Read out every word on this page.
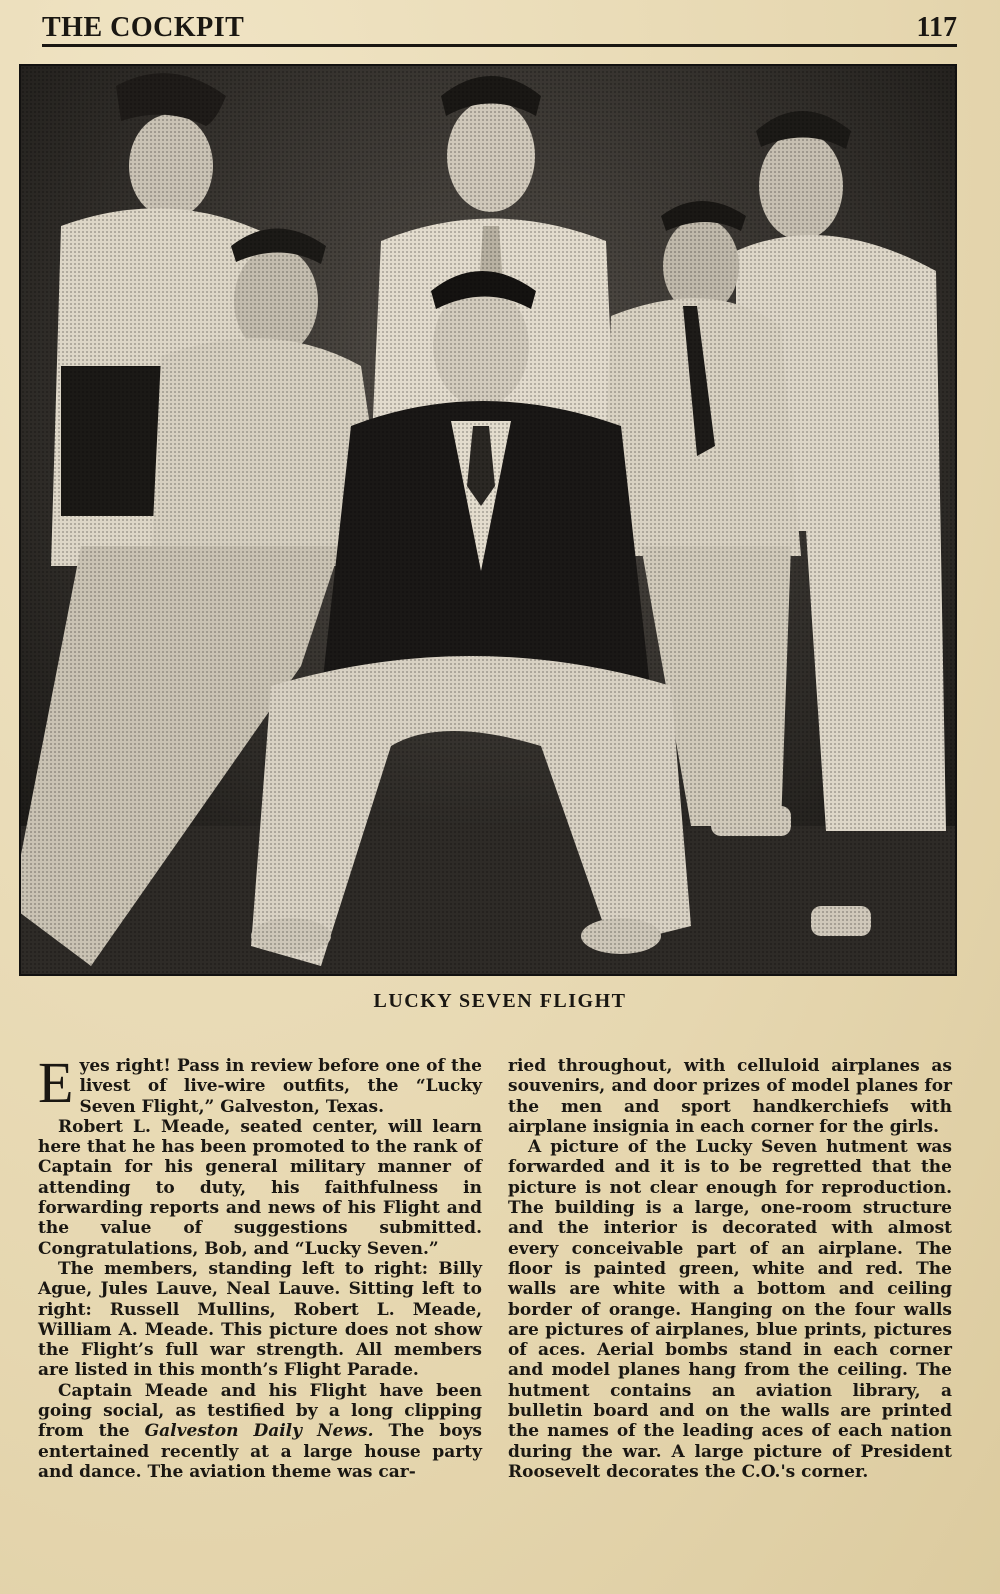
THE COCKPIT	117
LUCKY SEVEN FLIGHT

Eyes right! Pass in review before one of the livest of live-wire outfits, the “Lucky Seven Flight,” Galveston, Texas.

Robert L. Meade, seated center, will learn here that he has been promoted to the rank of Captain for his general military manner of attending to duty, his faithfulness in forwarding reports and news of his Flight and the value of suggestions submitted. Congratulations, Bob, and “Lucky Seven.”

The members, standing left to right: Billy Ague, Jules Lauve, Neal Lauve. Sitting left to right: Russell Mullins, Robert L. Meade, William A. Meade. This picture does not show the Flight’s full war strength. All members are listed in this month’s Flight Parade.

Captain Meade and his Flight have been going social, as testified by a long clipping from the Galveston Daily News. The boys entertained recently at a large house party and dance. The aviation theme was car-

ried throughout, with celluloid airplanes as souvenirs, and door prizes of model planes for the men and sport handkerchiefs with airplane insignia in each corner for the girls.

A picture of the Lucky Seven hutment was forwarded and it is to be regretted that the picture is not clear enough for reproduction. The building is a large, one-room structure and the interior is decorated with almost every conceivable part of an airplane. The floor is painted green, white and red. The walls are white with a bottom and ceiling border of orange. Hanging on the four walls are pictures of airplanes, blue prints, pictures of aces. Aerial bombs stand in each corner and model planes hang from the ceiling. The hutment contains an aviation library, a bulletin board and on the walls are printed the names of the leading aces of each nation during the war. A large picture of President Roosevelt decorates the C.O.'s corner.
